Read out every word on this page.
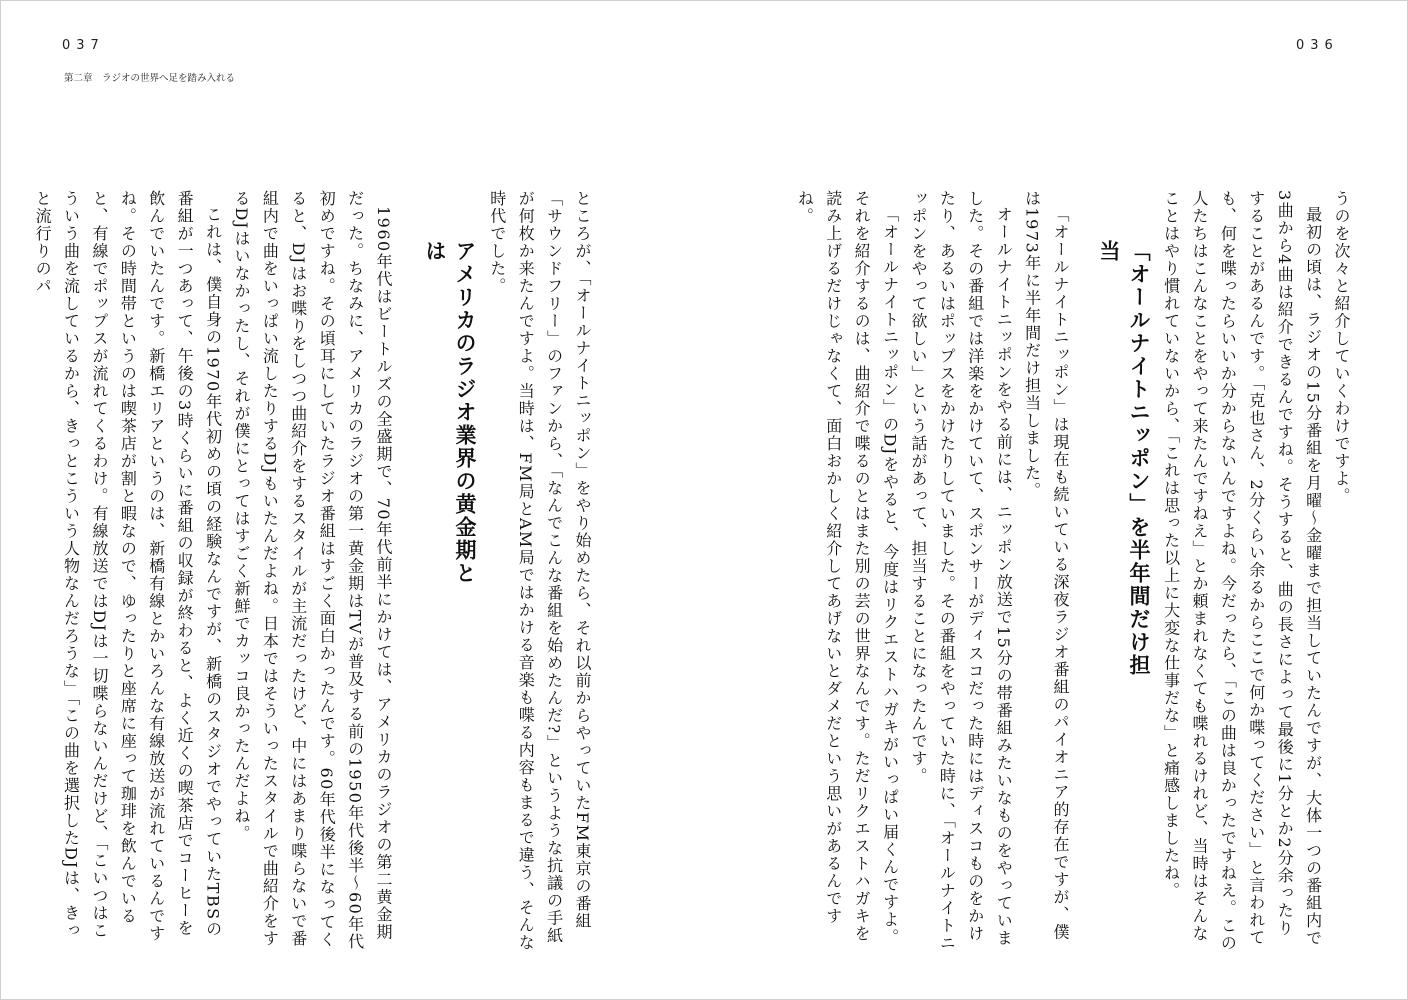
037
第二章　ラジオの世界へ足を踏み入れる
036

うのを次々と紹介していくわけですよ。

最初の頃は、ラジオの15分番組を月曜〜金曜まで担当していたんですが、大体一つの番組内で3曲から4曲は紹介できるんですね。そうすると、曲の長さによって最後に1分とか2分余ったりすることがあるんです。「克也さん、2分くらい余るからここで何か喋ってください」と言われても、何を喋ったらいいか分からないんですよね。今だったら、「この曲は良かったですねえ。この人たちはこんなことをやって来たんですねえ」とか頼まれなくても喋れるけれど、当時はそんなことはやり慣れていないから、「これは思った以上に大変な仕事だな」と痛感しましたね。

「オールナイトニッポン」を半年間だけ担当

「オールナイトニッポン」は現在も続いている深夜ラジオ番組のパイオニア的存在ですが、僕は1973年に半年間だけ担当しました。

オールナイトニッポンをやる前には、ニッポン放送で15分の帯番組みたいなものをやっていました。その番組では洋楽をかけていて、スポンサーがディスコだった時にはディスコものをかけたり、あるいはポップスをかけたりしていました。その番組をやっていた時に、「オールナイトニッポンをやって欲しい」という話があって、担当することになったんです。

「オールナイトニッポン」のDJをやると、今度はリクエストハガキがいっぱい届くんですよ。それを紹介するのは、曲紹介で喋るのとはまた別の芸の世界なんです。ただリクエストハガキを読み上げるだけじゃなくて、面白おかしく紹介してあげないとダメだという思いがあるんですね。

ところが、「オールナイトニッポン」をやり始めたら、それ以前からやっていたFM東京の番組「サウンドフリー」のファンから、「なんでこんな番組を始めたんだ?」というような抗議の手紙が何枚か来たんですよ。当時は、FM局とAM局ではかける音楽も喋る内容もまるで違う、そんな時代でした。

アメリカのラジオ業界の黄金期とは

1960年代はビートルズの全盛期で、70年代前半にかけては、アメリカのラジオの第二黄金期だった。ちなみに、アメリカのラジオの第一黄金期はTVが普及する前の1950年代後半〜60年代初めですね。その頃耳にしていたラジオ番組はすごく面白かったんです。60年代後半になってくると、DJはお喋りをしつつ曲紹介をするスタイルが主流だったけど、中にはあまり喋らないで番組内で曲をいっぱい流したりするDJもいたんだよね。日本ではそういったスタイルで曲紹介をするDJはいなかったし、それが僕にとってはすごく新鮮でカッコ良かったんだよね。

これは、僕自身の1970年代初めの頃の経験なんですが、新橋のスタジオでやっていたTBSの番組が一つあって、午後の3時くらいに番組の収録が終わると、よく近くの喫茶店でコーヒーを飲んでいたんです。新橋エリアというのは、新橋有線とかいろんな有線放送が流れているんですね。その時間帯というのは喫茶店が割と暇なので、ゆったりと座席に座って珈琲を飲んでいると、有線でポップスが流れてくるわけ。有線放送ではDJは一切喋らないんだけど、「こいつはこういう曲を流しているから、きっとこういう人物なんだろうな」「この曲を選択したDJは、きっと流行りのパ
